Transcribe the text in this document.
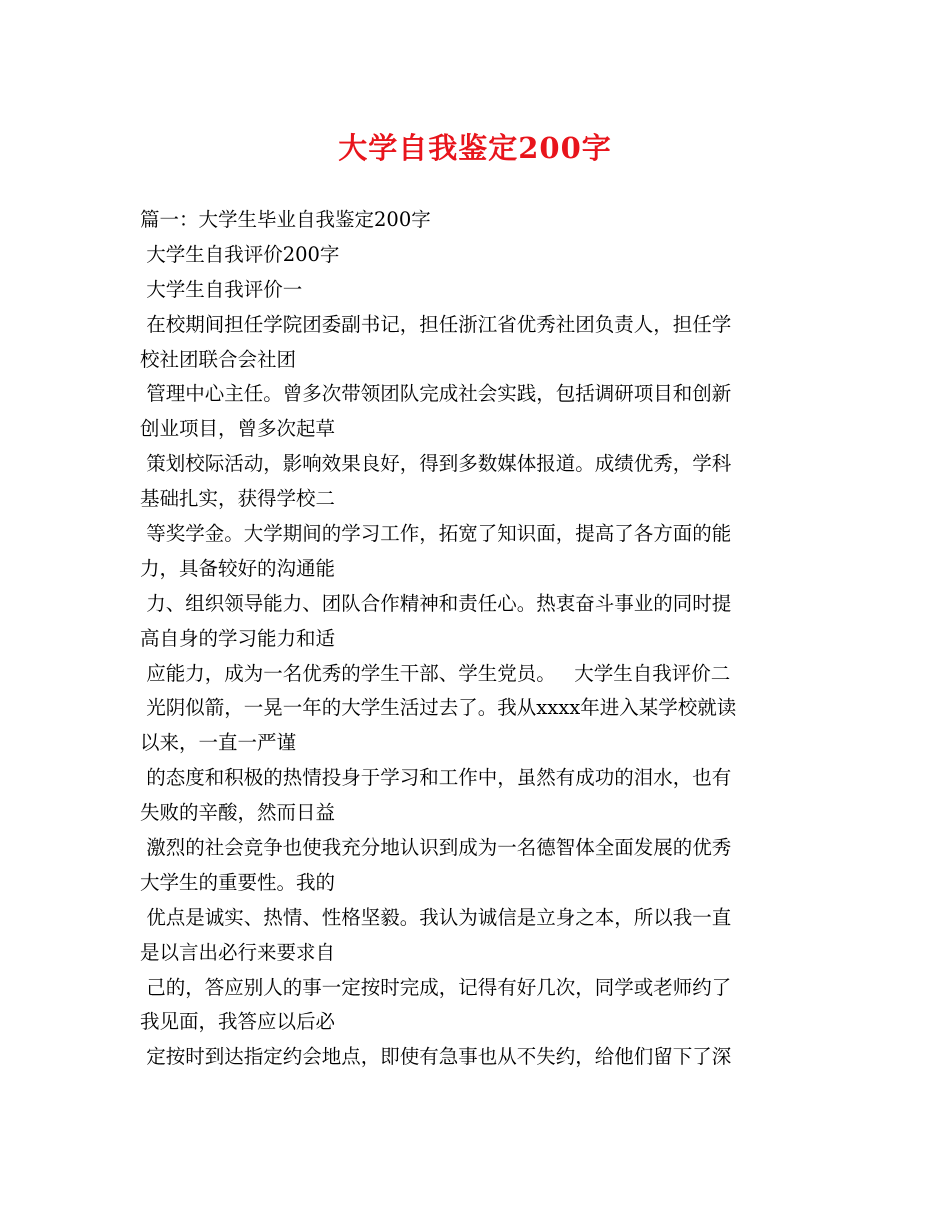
大学自我鉴定200字
篇一：大学生毕业自我鉴定200字
大学生自我评价200字
大学生自我评价一
在校期间担任学院团委副书记，担任浙江省优秀社团负责人，担任学
校社团联合会社团
管理中心主任。曾多次带领团队完成社会实践，包括调研项目和创新
创业项目，曾多次起草
策划校际活动，影响效果良好，得到多数媒体报道。成绩优秀，学科
基础扎实，获得学校二
等奖学金。大学期间的学习工作，拓宽了知识面，提高了各方面的能
力，具备较好的沟通能
力、组织领导能力、团队合作精神和责任心。热衷奋斗事业的同时提
高自身的学习能力和适
应能力，成为一名优秀的学生干部、学生党员。   大学生自我评价二
光阴似箭，一晃一年的大学生活过去了。我从xxxx年进入某学校就读
以来，一直一严谨
的态度和积极的热情投身于学习和工作中，虽然有成功的泪水，也有
失败的辛酸，然而日益
激烈的社会竞争也使我充分地认识到成为一名德智体全面发展的优秀
大学生的重要性。我的
优点是诚实、热情、性格坚毅。我认为诚信是立身之本，所以我一直
是以言出必行来要求自
己的，答应别人的事一定按时完成，记得有好几次，同学或老师约了
我见面，我答应以后必
定按时到达指定约会地点，即使有急事也从不失约，给他们留下了深
